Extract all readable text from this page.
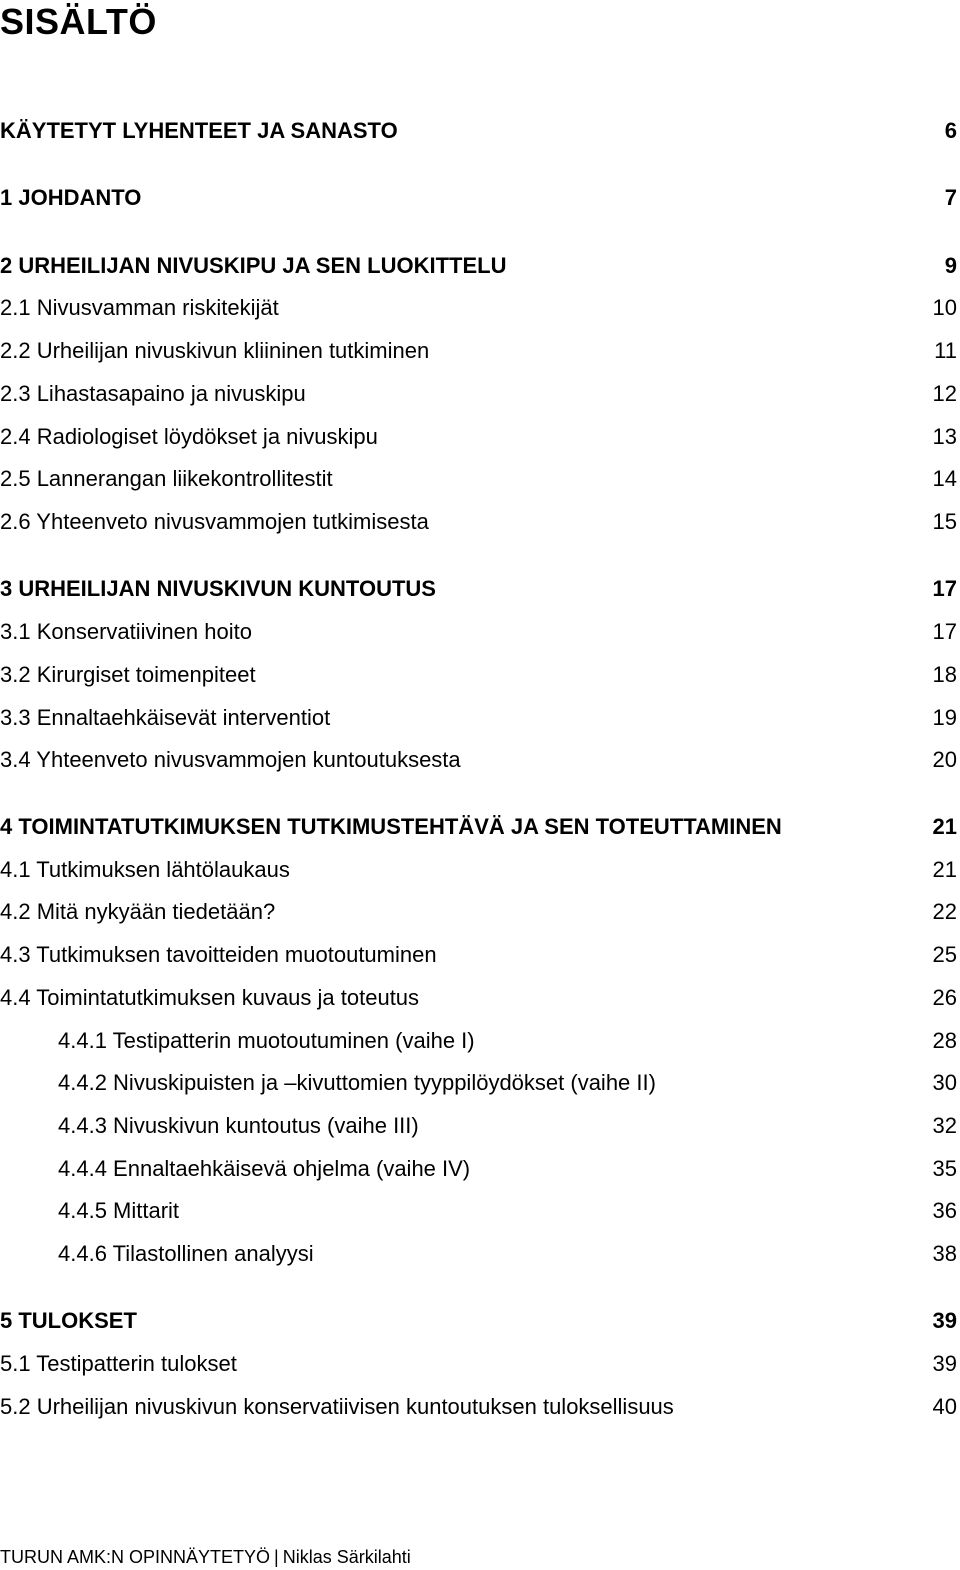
SISÄLTÖ
KÄYTETYT LYHENTEET JA SANASTO	6
1 JOHDANTO	7
2 URHEILIJAN NIVUSKIPU JA SEN LUOKITTELU	9
2.1 Nivusvamman riskitekijät	10
2.2 Urheilijan nivuskivun kliininen tutkiminen	11
2.3 Lihastasapaino ja nivuskipu	12
2.4 Radiologiset löydökset ja nivuskipu	13
2.5 Lannerangan liikekontrollitestit	14
2.6 Yhteenveto nivusvammojen tutkimisesta	15
3 URHEILIJAN NIVUSKIVUN KUNTOUTUS	17
3.1 Konservatiivinen hoito	17
3.2 Kirurgiset toimenpiteet	18
3.3 Ennaltaehkäisevät interventiot	19
3.4 Yhteenveto nivusvammojen kuntoutuksesta	20
4 TOIMINTATUTKIMUKSEN TUTKIMUSTEHTÄVÄ JA SEN TOTEUTTAMINEN	21
4.1 Tutkimuksen lähtölaukaus	21
4.2 Mitä nykyään tiedetään?	22
4.3 Tutkimuksen tavoitteiden muotoutuminen	25
4.4 Toimintatutkimuksen kuvaus ja toteutus	26
4.4.1 Testipatterin muotoutuminen (vaihe I)	28
4.4.2 Nivuskipuisten ja –kivuttomien tyyppilöydökset (vaihe II)	30
4.4.3 Nivuskivun kuntoutus (vaihe III)	32
4.4.4 Ennaltaehkäisevä ohjelma (vaihe IV)	35
4.4.5 Mittarit	36
4.4.6 Tilastollinen analyysi	38
5 TULOKSET	39
5.1 Testipatterin tulokset	39
5.2 Urheilijan nivuskivun konservatiivisen kuntoutuksen tuloksellisuus	40
TURUN AMK:N OPINNÄYTETYÖ | Niklas Särkilahti
